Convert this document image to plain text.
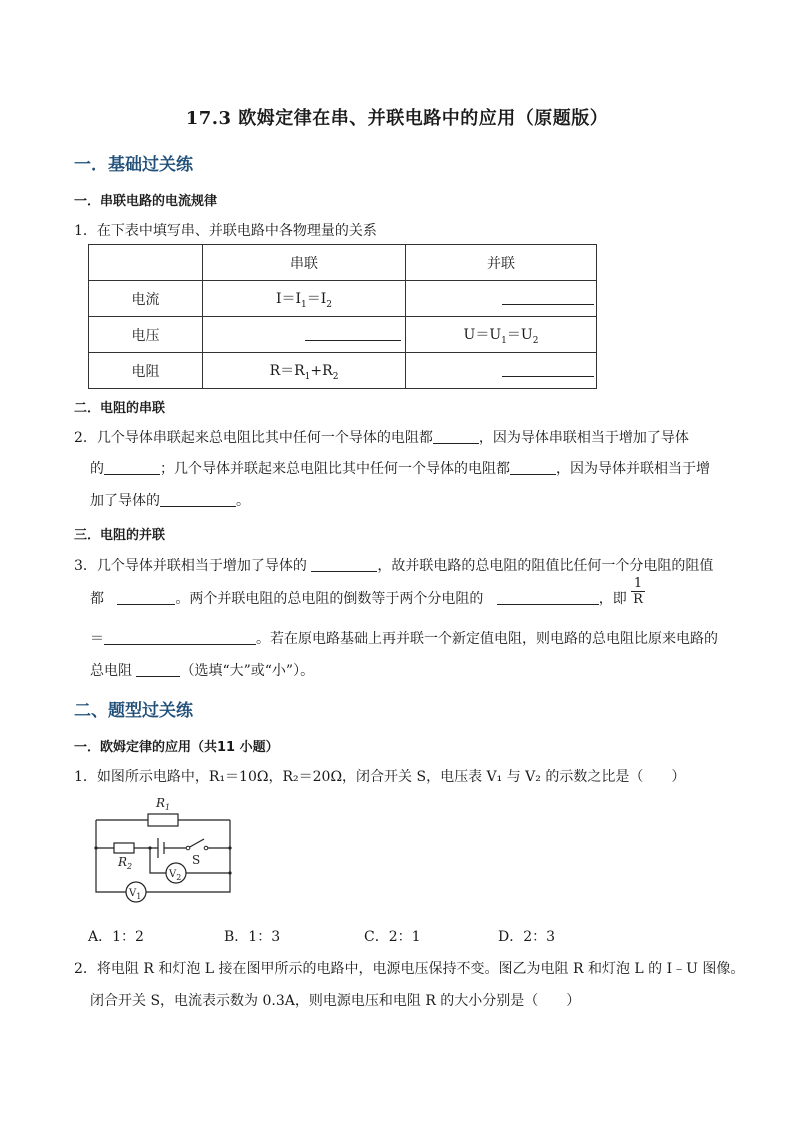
17.3 欧姆定律在串、并联电路中的应用（原题版）
一．基础过关练
一．串联电路的电流规律
1．在下表中填写串、并联电路中各物理量的关系
	串联	并联
电流	$I=I_1=I_2$	
电压		$U=U_1=U_2$
电阻	$R=R_1+R_2$	
二．电阻的串联
2．几个导体串联起来总电阻比其中任何一个导体的电阻都	，因为导体串联相当于增加了导体
的	；几个导体并联起来总电阻比其中任何一个导体的电阻都	，因为导体并联相当于增
加了导体的	。
三．电阻的并联
3．几个导体并联相当于增加了导体的	，故并联电路的总电阻的阻值比任何一个分电阻的阻值
都	。两个并联电阻的总电阻的倒数等于两个分电阻的	，即 $\frac{1}{R}$
＝	。若在原电路基础上再并联一个新定值电阻，则电路的总电阻比原来电路的
总电阻	（选填“大”或“小”）。
二、题型过关练
一．欧姆定律的应用（共11 小题）
1．如图所示电路中，R₁＝10Ω，R₂＝20Ω，闭合开关 S，电压表 V₁ 与 V₂ 的示数之比是（　　）
$R_1$
$R_2$	S
$V_2$
$V_1$
A．1：2	B．1：3	C．2：1	D．2：3
2．将电阻 R 和灯泡 L 接在图甲所示的电路中，电源电压保持不变。图乙为电阻 R 和灯泡 L 的 I﹣U 图像。
闭合开关 S，电流表示数为 0.3A，则电源电压和电阻 R 的大小分别是（　　）
